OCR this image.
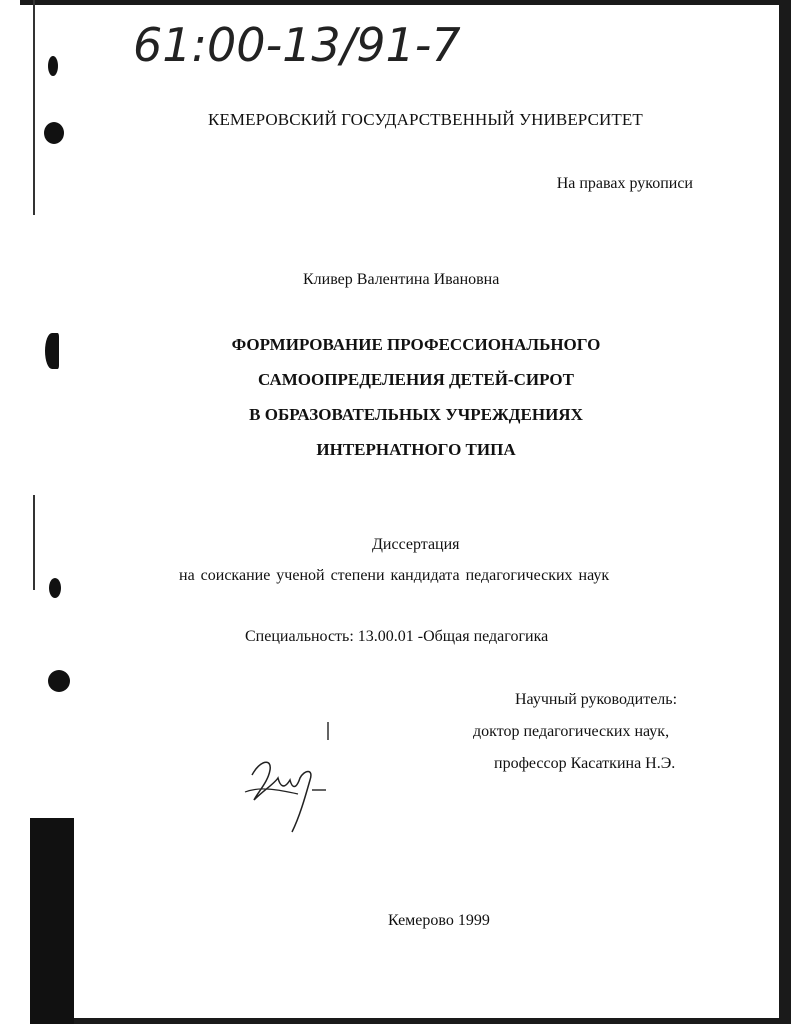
61:00-13/91-7
КЕМЕРОВСКИЙ ГОСУДАРСТВЕННЫЙ УНИВЕРСИТЕТ
На правах рукописи
Кливер Валентина Ивановна
ФОРМИРОВАНИЕ ПРОФЕССИОНАЛЬНОГО
САМООПРЕДЕЛЕНИЯ ДЕТЕЙ-СИРОТ
В ОБРАЗОВАТЕЛЬНЫХ УЧРЕЖДЕНИЯХ
ИНТЕРНАТНОГО ТИПА
Диссертация
на соискание ученой степени кандидата педагогических наук
Специальность: 13.00.01 -Общая педагогика
Научный руководитель:
доктор педагогических наук,
профессор Касаткина Н.Э.
Кемерово 1999
